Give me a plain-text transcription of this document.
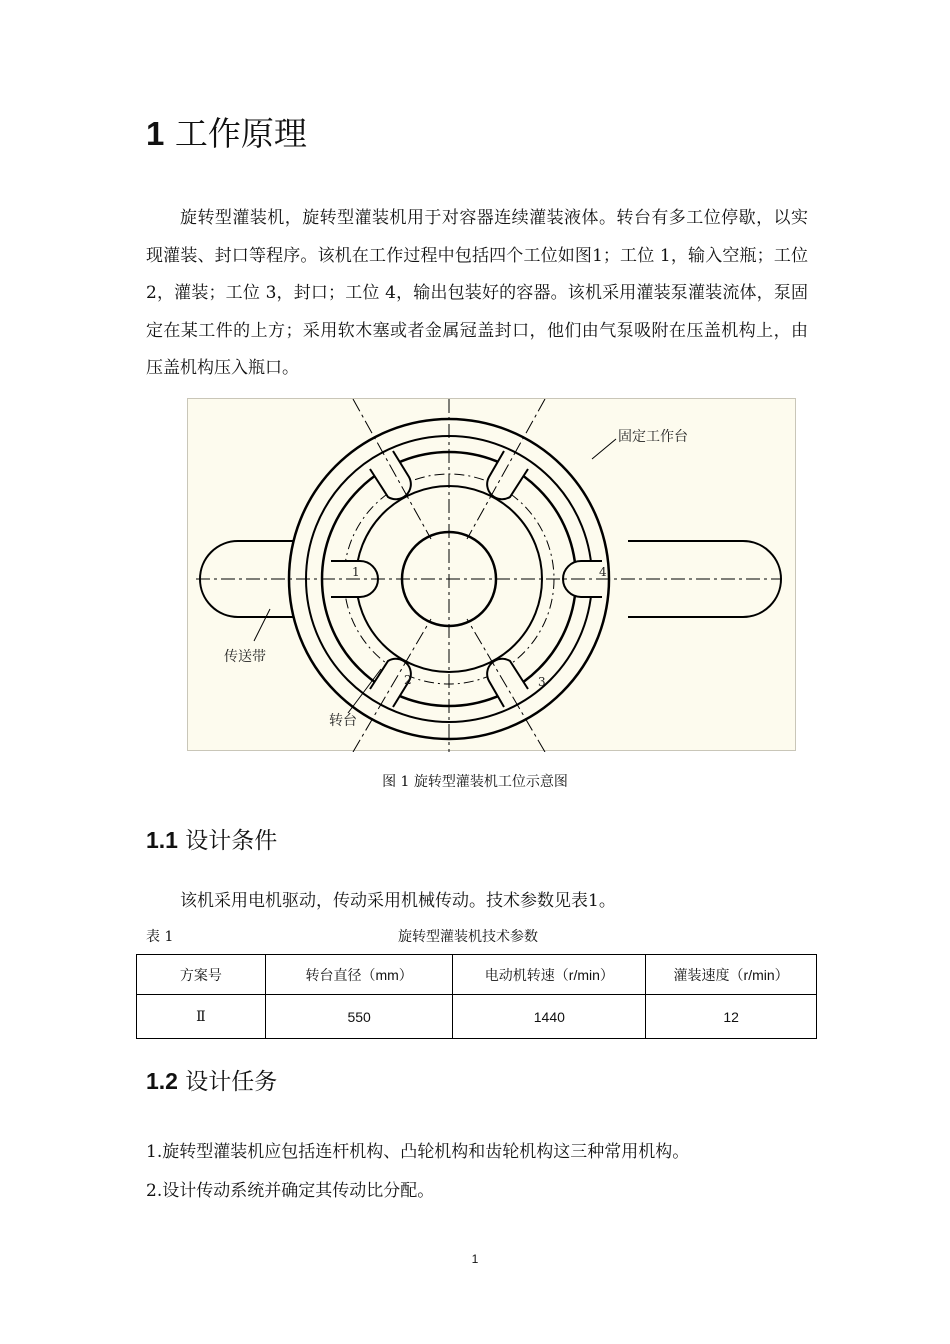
1 工作原理

旋转型灌装机，旋转型灌装机用于对容器连续灌装液体。转台有多工位停歇，以实现灌装、封口等程序。该机在工作过程中包括四个工位如图1；工位 1，输入空瓶；工位 2，灌装；工位 3，封口；工位 4，输出包装好的容器。该机采用灌装泵灌装流体，泵固定在某工件的上方；采用软木塞或者金属冠盖封口，他们由气泵吸附在压盖机构上，由压盖机构压入瓶口。

固定工作台
传送带
转台
1	4
2	3
图 1 旋转型灌装机工位示意图
1.1 设计条件

该机采用电机驱动，传动采用机械传动。技术参数见表1。

表 1	旋转型灌装机技术参数
方案号	转台直径（mm）	电动机转速（r/min）	灌装速度（r/min）
Ⅱ	550	1440	12
1.2 设计任务

1.旋转型灌装机应包括连杆机构、凸轮机构和齿轮机构这三种常用机构。

2.设计传动系统并确定其传动比分配。

1
